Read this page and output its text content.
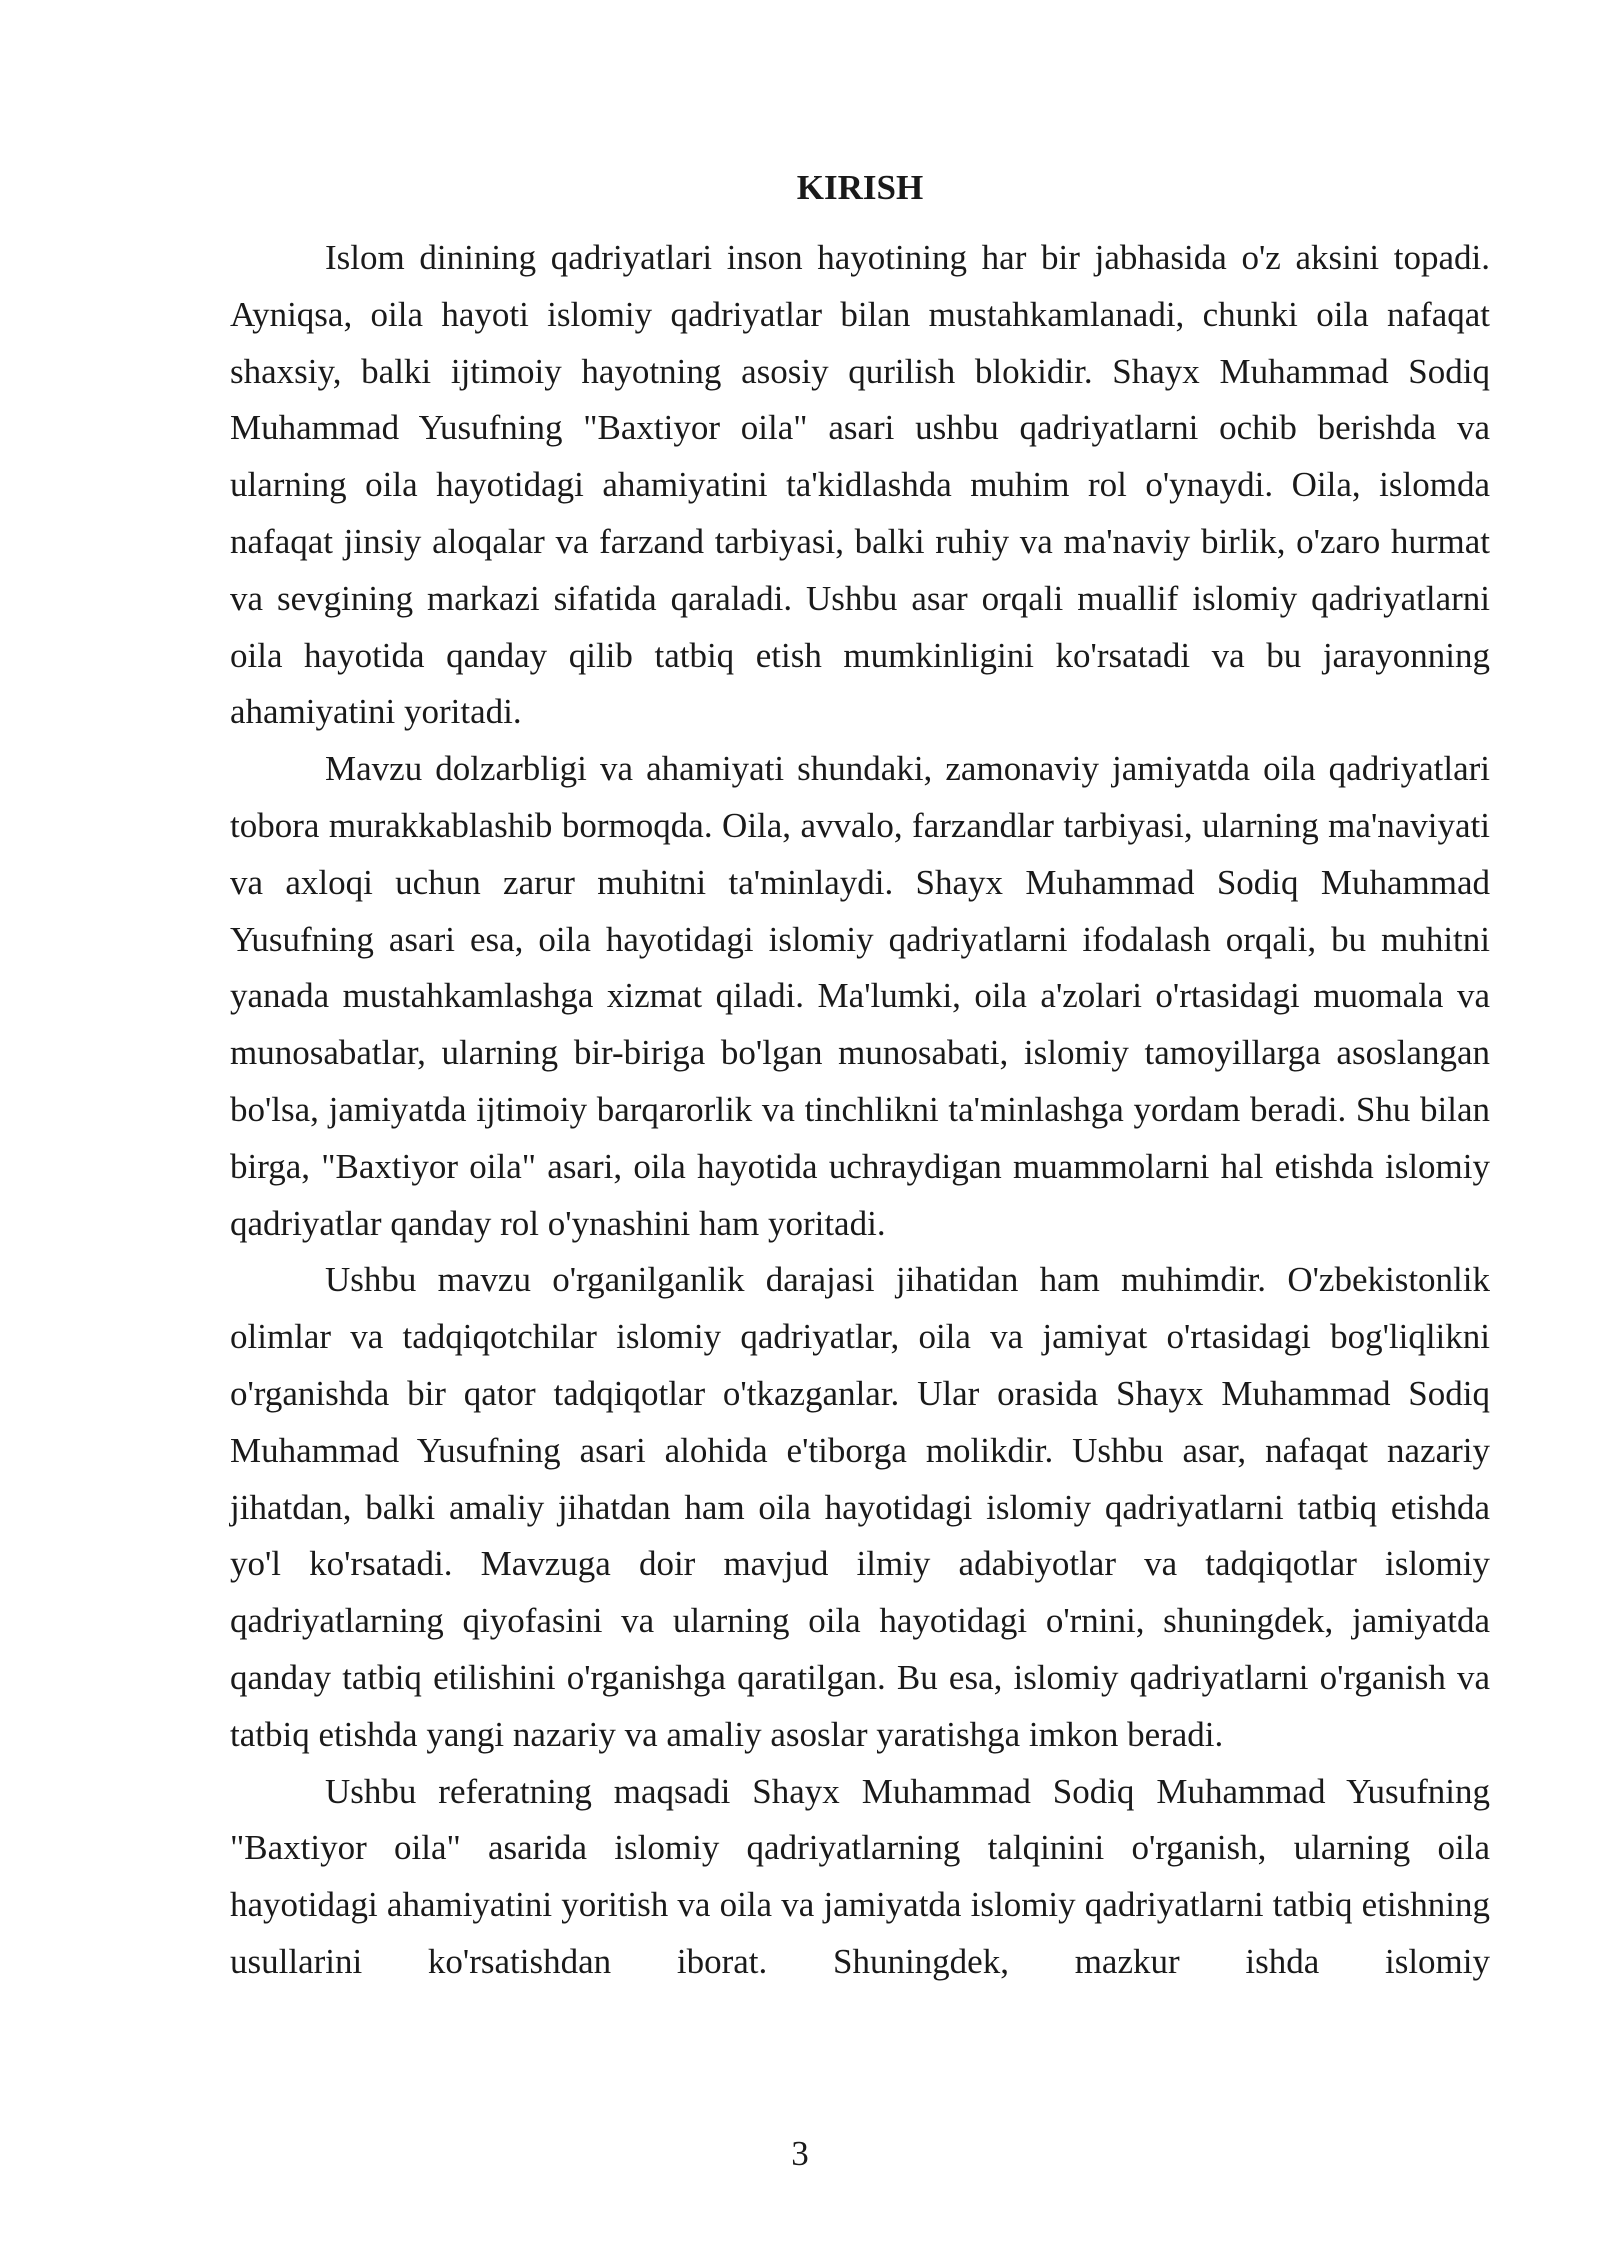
KIRISH

Islom dinining qadriyatlari inson hayotining har bir jabhasida o'z aksini topadi. Ayniqsa, oila hayoti islomiy qadriyatlar bilan mustahkamlanadi, chunki oila nafaqat shaxsiy, balki ijtimoiy hayotning asosiy qurilish blokidir. Shayx Muhammad Sodiq Muhammad Yusufning "Baxtiyor oila" asari ushbu qadriyatlarni ochib berishda va ularning oila hayotidagi ahamiyatini ta'kidlashda muhim rol o'ynaydi. Oila, islomda nafaqat jinsiy aloqalar va farzand tarbiyasi, balki ruhiy va ma'naviy birlik, o'zaro hurmat va sevgining markazi sifatida qaraladi. Ushbu asar orqali muallif islomiy qadriyatlarni oila hayotida qanday qilib tatbiq etish mumkinligini ko'rsatadi va bu jarayonning ahamiyatini yoritadi.

Mavzu dolzarbligi va ahamiyati shundaki, zamonaviy jamiyatda oila qadriyatlari tobora murakkablashib bormoqda. Oila, avvalo, farzandlar tarbiyasi, ularning ma'naviyati va axloqi uchun zarur muhitni ta'minlaydi. Shayx Muhammad Sodiq Muhammad Yusufning asari esa, oila hayotidagi islomiy qadriyatlarni ifodalash orqali, bu muhitni yanada mustahkamlashga xizmat qiladi. Ma'lumki, oila a'zolari o'rtasidagi muomala va munosabatlar, ularning bir-biriga bo'lgan munosabati, islomiy tamoyillarga asoslangan bo'lsa, jamiyatda ijtimoiy barqarorlik va tinchlikni ta'minlashga yordam beradi. Shu bilan birga, "Baxtiyor oila" asari, oila hayotida uchraydigan muammolarni hal etishda islomiy qadriyatlar qanday rol o'ynashini ham yoritadi.

Ushbu mavzu o'rganilganlik darajasi jihatidan ham muhimdir. O'zbekistonlik olimlar va tadqiqotchilar islomiy qadriyatlar, oila va jamiyat o'rtasidagi bog'liqlikni o'rganishda bir qator tadqiqotlar o'tkazganlar. Ular orasida Shayx Muhammad Sodiq Muhammad Yusufning asari alohida e'tiborga molikdir. Ushbu asar, nafaqat nazariy jihatdan, balki amaliy jihatdan ham oila hayotidagi islomiy qadriyatlarni tatbiq etishda yo'l ko'rsatadi. Mavzuga doir mavjud ilmiy adabiyotlar va tadqiqotlar islomiy qadriyatlarning qiyofasini va ularning oila hayotidagi o'rnini, shuningdek, jamiyatda qanday tatbiq etilishini o'rganishga qaratilgan. Bu esa, islomiy qadriyatlarni o'rganish va tatbiq etishda yangi nazariy va amaliy asoslar yaratishga imkon beradi.

Ushbu referatning maqsadi Shayx Muhammad Sodiq Muhammad Yusufning "Baxtiyor oila" asarida islomiy qadriyatlarning talqinini o'rganish, ularning oila hayotidagi ahamiyatini yoritish va oila va jamiyatda islomiy qadriyatlarni tatbiq etishning usullarini ko'rsatishdan iborat. Shuningdek, mazkur ishda islomiy

3
